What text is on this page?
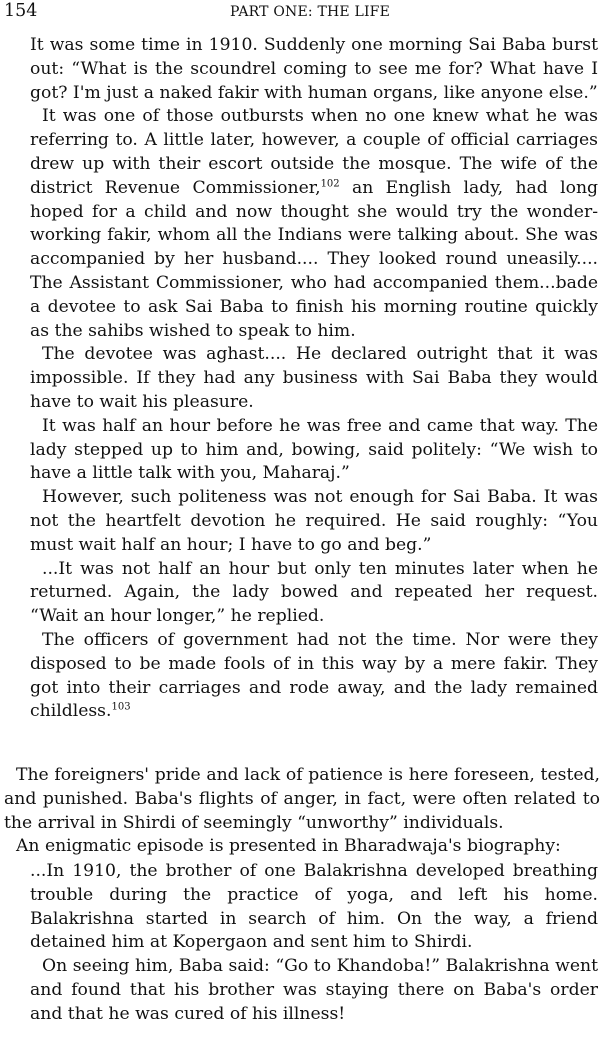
154	PART ONE: THE LIFE

It was some time in 1910. Suddenly one morning Sai Baba burst out: “What is the scoundrel coming to see me for? What have I got? I'm just a naked fakir with human organs, like anyone else.”

It was one of those outbursts when no one knew what he was referring to. A little later, however, a couple of official carriages drew up with their escort outside the mosque. The wife of the district Revenue Commissioner,$^{102}$ an English lady, had long hoped for a child and now thought she would try the wonder-working fakir, whom all the Indians were talking about. She was accompanied by her husband.... They looked round uneasily.... The Assistant Commissioner, who had accompanied them...bade a devotee to ask Sai Baba to finish his morning routine quickly as the sahibs wished to speak to him.

The devotee was aghast.... He declared outright that it was impossible. If they had any business with Sai Baba they would have to wait his pleasure.

It was half an hour before he was free and came that way. The lady stepped up to him and, bowing, said politely: “We wish to have a little talk with you, Maharaj.”

However, such politeness was not enough for Sai Baba. It was not the heartfelt devotion he required. He said roughly: “You must wait half an hour; I have to go and beg.”

...It was not half an hour but only ten minutes later when he returned. Again, the lady bowed and repeated her request. “Wait an hour longer,” he replied.

The officers of government had not the time. Nor were they disposed to be made fools of in this way by a mere fakir. They got into their carriages and rode away, and the lady remained childless.$^{103}$

The foreigners' pride and lack of patience is here foreseen, tested, and punished. Baba's flights of anger, in fact, were often related to the arrival in Shirdi of seemingly “unworthy” individuals.

An enigmatic episode is presented in Bharadwaja's biography:

...In 1910, the brother of one Balakrishna developed breathing trouble during the practice of yoga, and left his home. Balakrishna started in search of him. On the way, a friend detained him at Kopergaon and sent him to Shirdi.

On seeing him, Baba said: “Go to Khandoba!” Balakrishna went and found that his brother was staying there on Baba's order and that he was cured of his illness!
